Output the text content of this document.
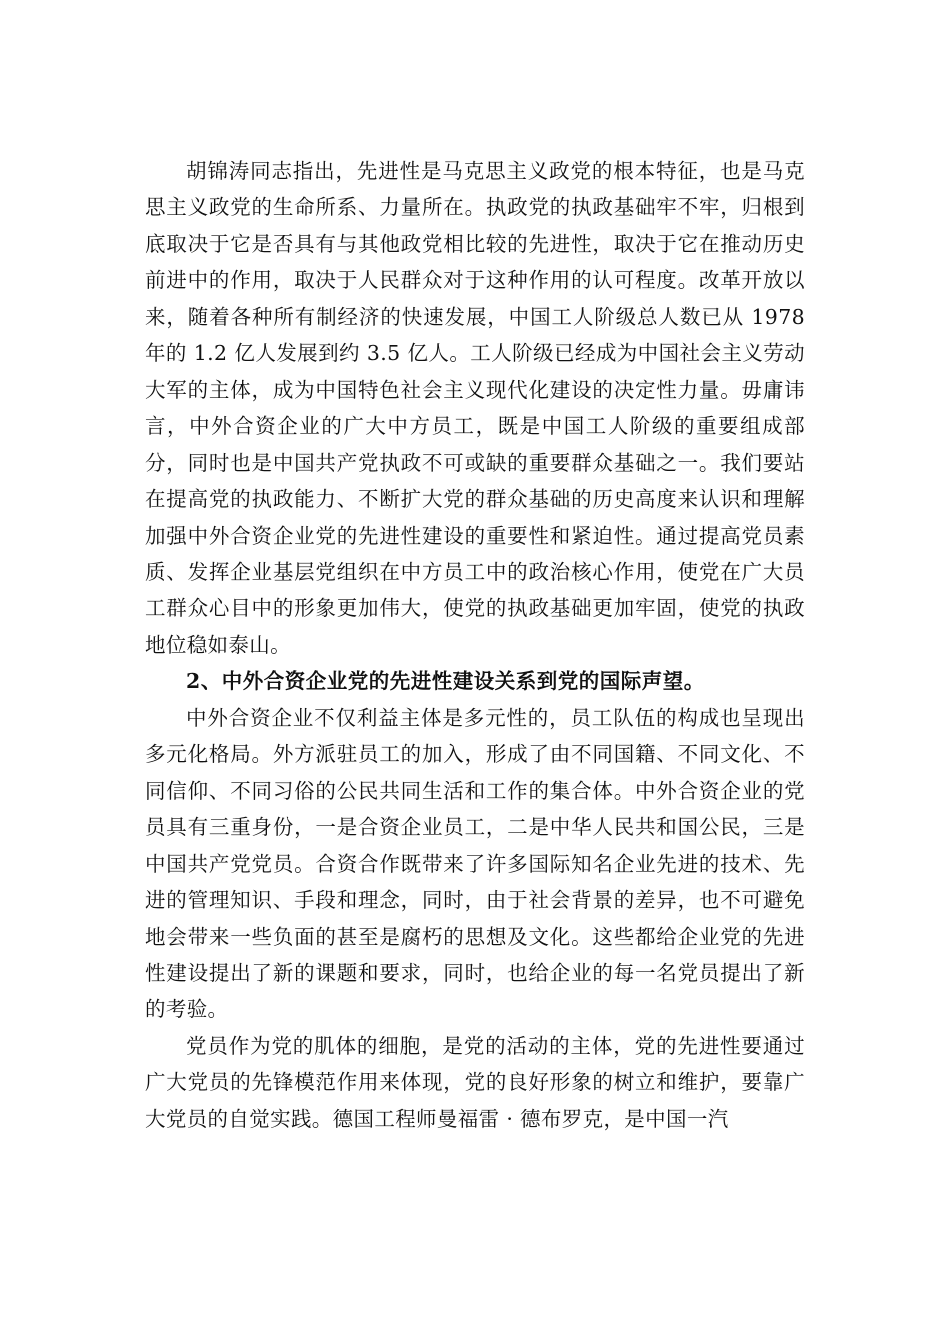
胡锦涛同志指出，先进性是马克思主义政党的根本特征，也是马克思主义政党的生命所系、力量所在。执政党的执政基础牢不牢，归根到底取决于它是否具有与其他政党相比较的先进性，取决于它在推动历史前进中的作用，取决于人民群众对于这种作用的认可程度。改革开放以来，随着各种所有制经济的快速发展，中国工人阶级总人数已从 1978 年的 1.2 亿人发展到约 3.5 亿人。工人阶级已经成为中国社会主义劳动大军的主体，成为中国特色社会主义现代化建设的决定性力量。毋庸讳言，中外合资企业的广大中方员工，既是中国工人阶级的重要组成部分，同时也是中国共产党执政不可或缺的重要群众基础之一。我们要站在提高党的执政能力、不断扩大党的群众基础的历史高度来认识和理解加强中外合资企业党的先进性建设的重要性和紧迫性。通过提高党员素质、发挥企业基层党组织在中方员工中的政治核心作用，使党在广大员工群众心目中的形象更加伟大，使党的执政基础更加牢固，使党的执政地位稳如泰山。

2、中外合资企业党的先进性建设关系到党的国际声望。

中外合资企业不仅利益主体是多元性的，员工队伍的构成也呈现出多元化格局。外方派驻员工的加入，形成了由不同国籍、不同文化、不同信仰、不同习俗的公民共同生活和工作的集合体。中外合资企业的党员具有三重身份，一是合资企业员工，二是中华人民共和国公民，三是中国共产党党员。合资合作既带来了许多国际知名企业先进的技术、先进的管理知识、手段和理念，同时，由于社会背景的差异，也不可避免地会带来一些负面的甚至是腐朽的思想及文化。这些都给企业党的先进性建设提出了新的课题和要求，同时，也给企业的每一名党员提出了新的考验。

党员作为党的肌体的细胞，是党的活动的主体，党的先进性要通过广大党员的先锋模范作用来体现，党的良好形象的树立和维护，要靠广大党员的自觉实践。德国工程师曼福雷 · 德布罗克，是中国一汽
